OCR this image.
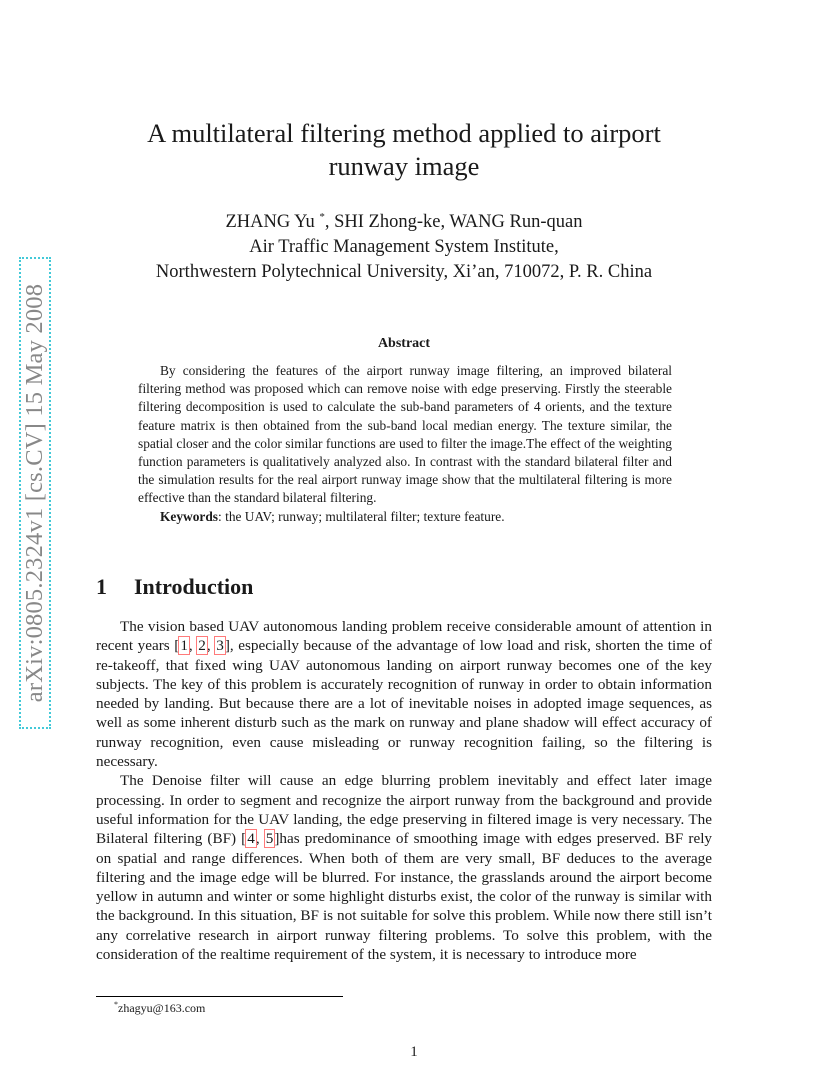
arXiv:0805.2324v1 [cs.CV] 15 May 2008
A multilateral filtering method applied to airport
runway image
ZHANG Yu *, SHI Zhong-ke, WANG Run-quan
Air Traffic Management System Institute,
Northwestern Polytechnical University, Xi’an, 710072, P. R. China
Abstract

By considering the features of the airport runway image filtering, an improved bilateral filtering method was proposed which can remove noise with edge preserving. Firstly the steerable filtering decomposition is used to calculate the sub-band parameters of 4 orients, and the texture feature matrix is then obtained from the sub-band local median energy. The texture similar, the spatial closer and the color similar functions are used to filter the image.The effect of the weighting function parameters is qualitatively analyzed also. In contrast with the standard bilateral filter and the simulation results for the real airport runway image show that the multilateral filtering is more effective than the standard bilateral filtering.

Keywords: the UAV; runway; multilateral filter; texture feature.

1 Introduction

The vision based UAV autonomous landing problem receive considerable amount of attention in recent years [1, 2, 3], especially because of the advantage of low load and risk, shorten the time of re-takeoff, that fixed wing UAV autonomous landing on airport runway becomes one of the key subjects. The key of this problem is accurately recognition of runway in order to obtain information needed by landing. But because there are a lot of inevitable noises in adopted image sequences, as well as some inherent disturb such as the mark on runway and plane shadow will effect accuracy of runway recognition, even cause misleading or runway recognition failing, so the filtering is necessary.

The Denoise filter will cause an edge blurring problem inevitably and effect later image processing. In order to segment and recognize the airport runway from the background and provide useful information for the UAV landing, the edge preserving in filtered image is very necessary. The Bilateral filtering (BF) [4, 5]has predominance of smoothing image with edges preserved. BF rely on spatial and range differences. When both of them are very small, BF deduces to the average filtering and the image edge will be blurred. For instance, the grasslands around the airport become yellow in autumn and winter or some highlight disturbs exist, the color of the runway is similar with the background. In this situation, BF is not suitable for solve this problem. While now there still isn’t any correlative research in airport runway filtering problems. To solve this problem, with the consideration of the realtime requirement of the system, it is necessary to introduce more

*zhagyu@163.com
1
